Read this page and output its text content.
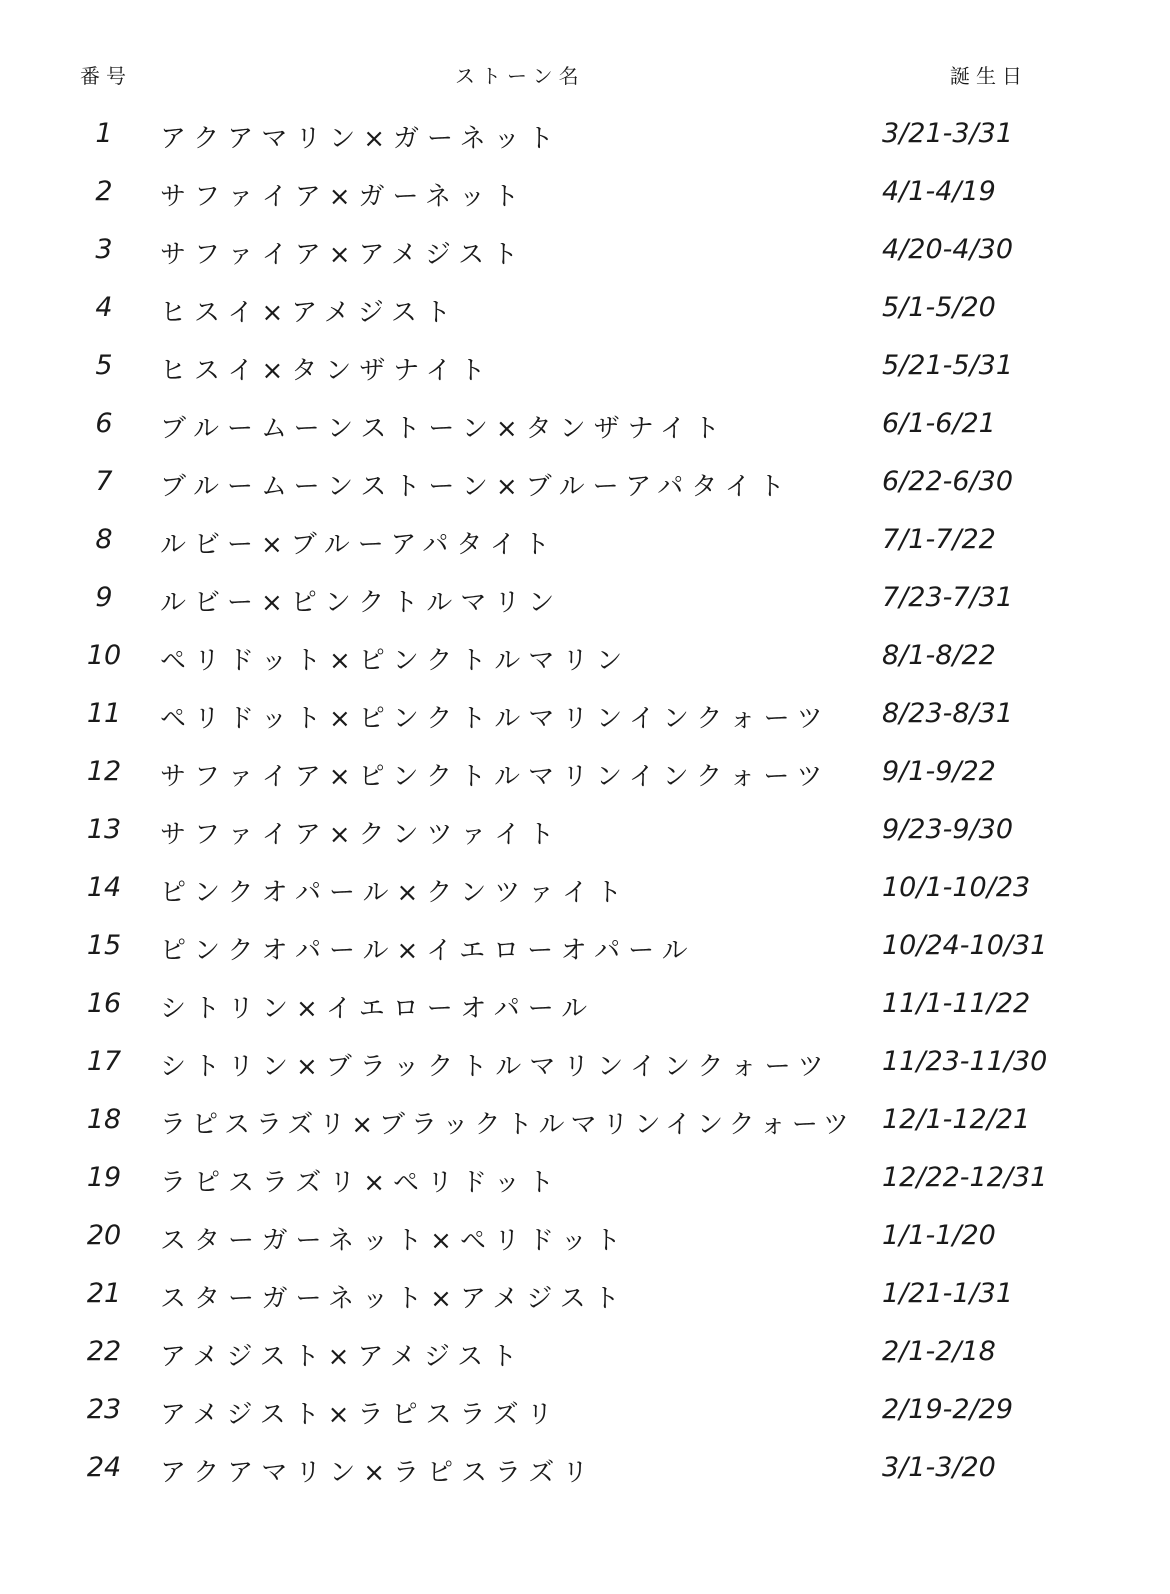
番号	ストーン名	誕生日
1	アクアマリン×ガーネット	3/21-3/31
2	サファイア×ガーネット	4/1-4/19
3	サファイア×アメジスト	4/20-4/30
4	ヒスイ×アメジスト	5/1-5/20
5	ヒスイ×タンザナイト	5/21-5/31
6	ブルームーンストーン×タンザナイト	6/1-6/21
7	ブルームーンストーン×ブルーアパタイト	6/22-6/30
8	ルビー×ブルーアパタイト	7/1-7/22
9	ルビー×ピンクトルマリン	7/23-7/31
10	ペリドット×ピンクトルマリン	8/1-8/22
11	ペリドット×ピンクトルマリンインクォーツ 8/23-8/31
12	サファイア×ピンクトルマリンインクォーツ 9/1-9/22
13	サファイア×クンツァイト	9/23-9/30
14	ピンクオパール×クンツァイト	10/1-10/23
15	ピンクオパール×イエローオパール	10/24-10/31
16	シトリン×イエローオパール	11/1-11/22
17	シトリン×ブラックトルマリンインクォーツ 11/23-11/30
18	ラピスラズリ×ブラックトルマリンインクォーツ 12/1-12/21
19	ラピスラズリ×ペリドット	12/22-12/31
20	スターガーネット×ペリドット	1/1-1/20
21	スターガーネット×アメジスト	1/21-1/31
22	アメジスト×アメジスト	2/1-2/18
23	アメジスト×ラピスラズリ	2/19-2/29
24	アクアマリン×ラピスラズリ	3/1-3/20
